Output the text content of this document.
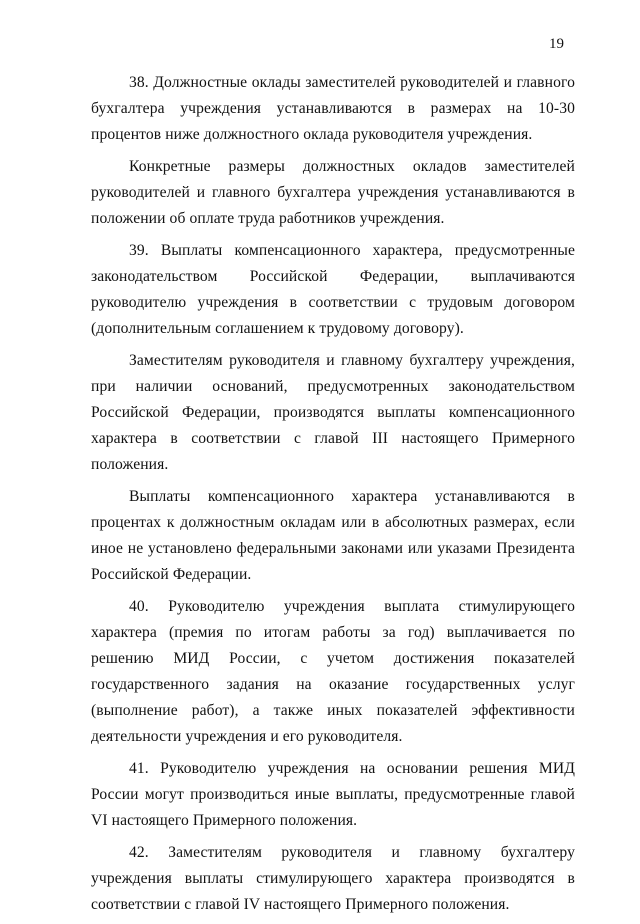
19

38. Должностные оклады заместителей руководителей и главного бухгалтера учреждения устанавливаются в размерах на 10-30 процентов ниже должностного оклада руководителя учреждения.

Конкретные размеры должностных окладов заместителей руководителей и главного бухгалтера учреждения устанавливаются в положении об оплате труда работников учреждения.

39. Выплаты компенсационного характера, предусмотренные законодательством Российской Федерации, выплачиваются руководителю учреждения в соответствии с трудовым договором (дополнительным соглашением к трудовому договору).

Заместителям руководителя и главному бухгалтеру учреждения, при наличии оснований, предусмотренных законодательством Российской Федерации, производятся выплаты компенсационного характера в соответствии с главой III настоящего Примерного положения.

Выплаты компенсационного характера устанавливаются в процентах к должностным окладам или в абсолютных размерах, если иное не установлено федеральными законами или указами Президента Российской Федерации.

40. Руководителю учреждения выплата стимулирующего характера (премия по итогам работы за год) выплачивается по решению МИД России, с учетом достижения показателей государственного задания на оказание государственных услуг (выполнение работ), а также иных показателей эффективности деятельности учреждения и его руководителя.

41. Руководителю учреждения на основании решения МИД России могут производиться иные выплаты, предусмотренные главой VI настоящего Примерного положения.

42. Заместителям руководителя и главному бухгалтеру учреждения выплаты стимулирующего характера производятся в соответствии с главой IV настоящего Примерного положения.
